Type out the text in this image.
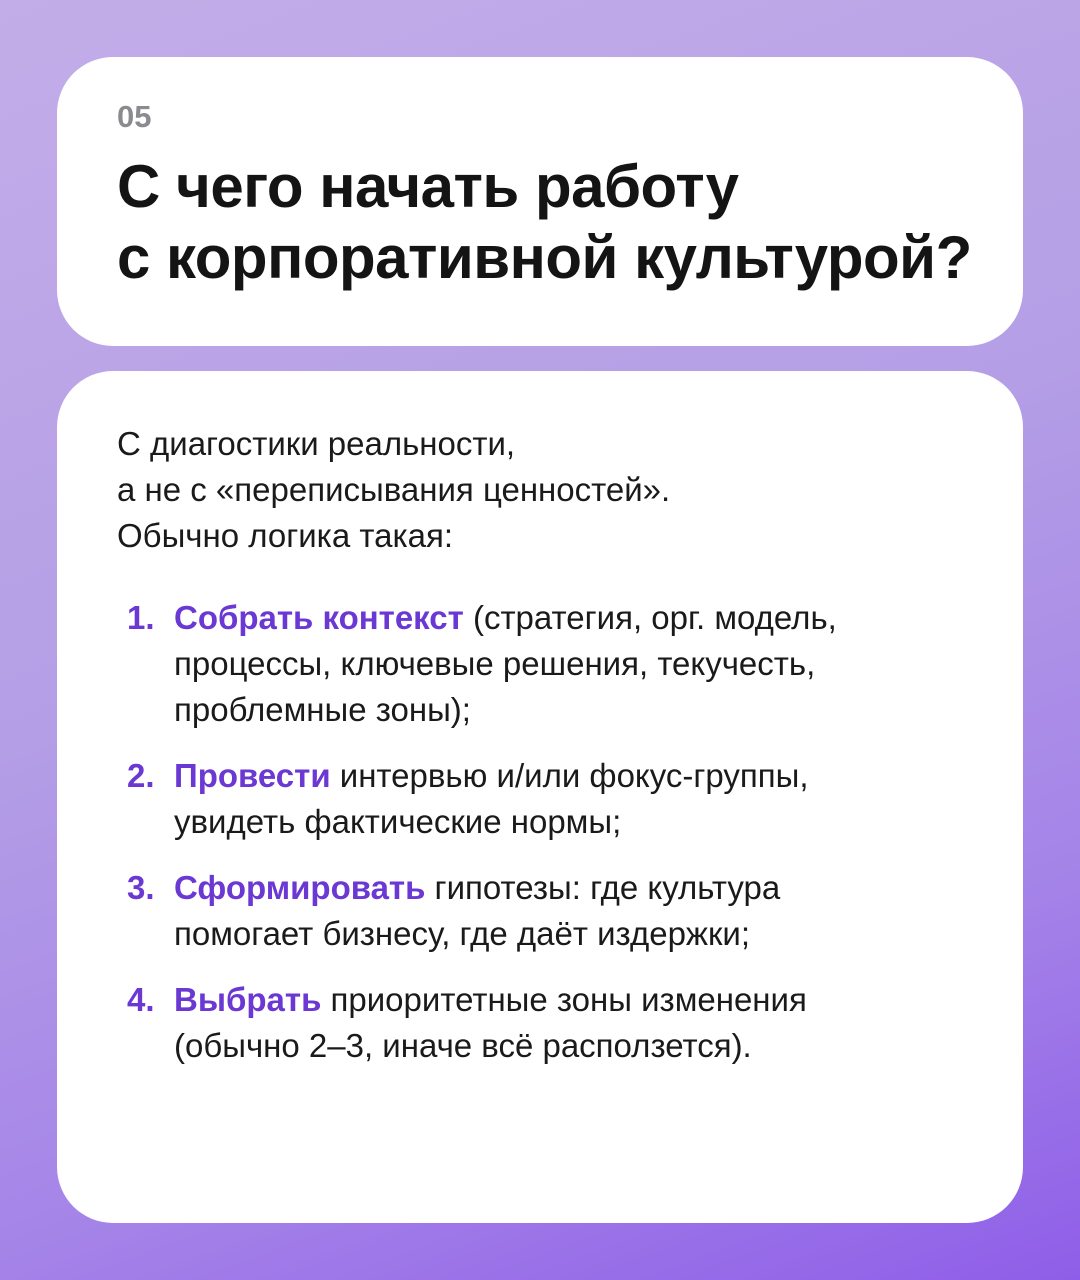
05

С чего начать работу
с корпоративной культурой?

С диагостики реальности,
а не с «переписывания ценностей».
Обычно логика такая:

1. Собрать контекст (стратегия, орг. модель,
процессы, ключевые решения, текучесть,
проблемные зоны);
2. Провести интервью и/или фокус-группы,
увидеть фактические нормы;
3. Сформировать гипотезы: где культура
помогает бизнесу, где даёт издержки;
4. Выбрать приоритетные зоны изменения
(обычно 2–3, иначе всё расползется).
